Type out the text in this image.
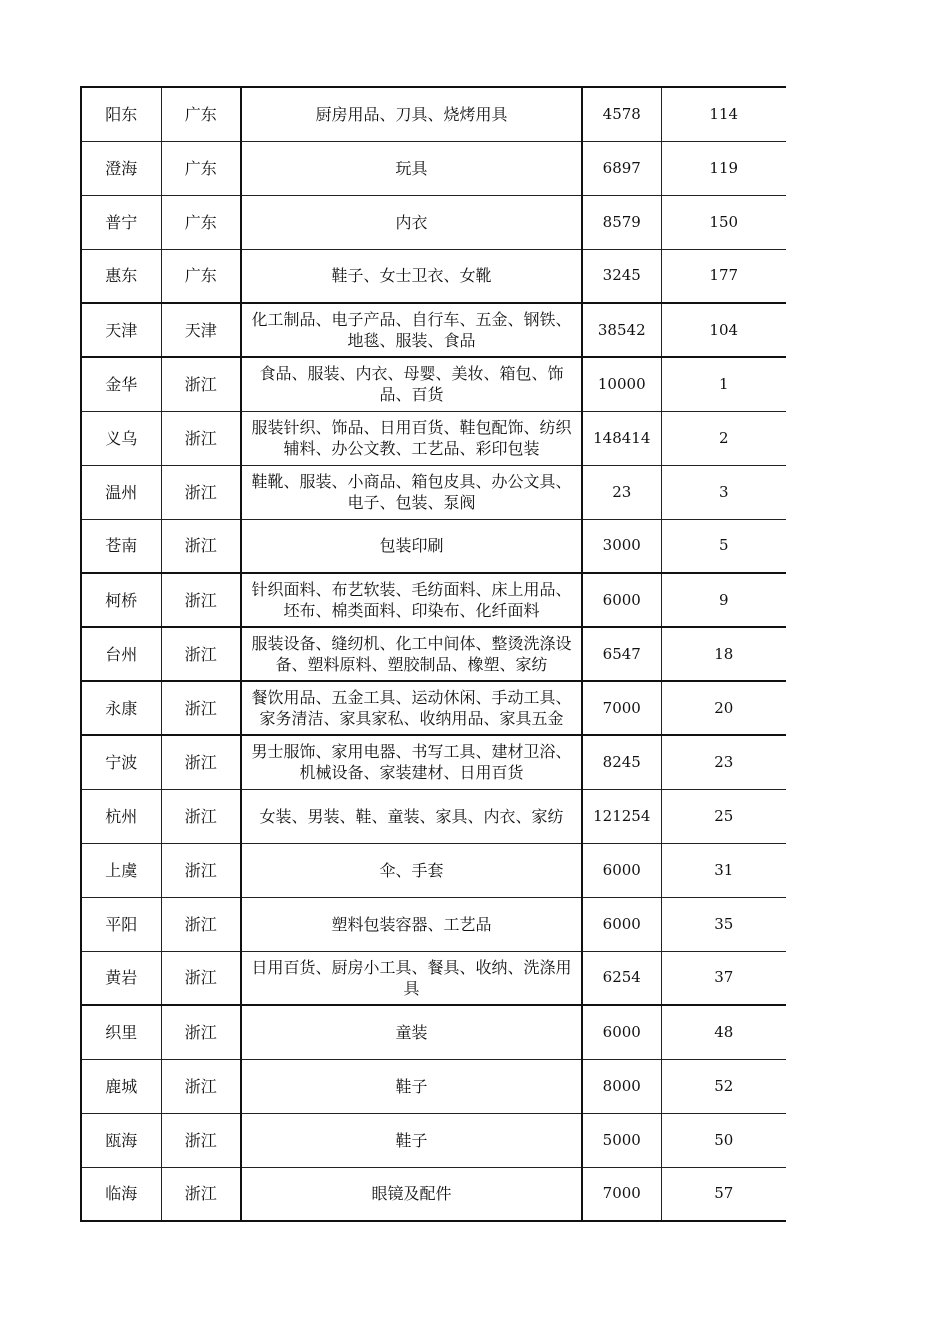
阳东	广东	厨房用品、刀具、烧烤用具	4578	114
澄海	广东	玩具	6897	119
普宁	广东	内衣	8579	150
惠东	广东	鞋子、女士卫衣、女靴	3245	177
天津	天津	化工制品、电子产品、自行车、五金、钢铁、地毯、服装、食品	38542	104
金华	浙江	食品、服装、内衣、母婴、美妆、箱包、饰品、百货	10000	1
义乌	浙江	服装针织、饰品、日用百货、鞋包配饰、纺织辅料、办公文教、工艺品、彩印包装	148414	2
温州	浙江	鞋靴、服装、小商品、箱包皮具、办公文具、电子、包装、泵阀	23	3
苍南	浙江	包装印刷	3000	5
柯桥	浙江	针织面料、布艺软装、毛纺面料、床上用品、坯布、棉类面料、印染布、化纤面料	6000	9
台州	浙江	服装设备、缝纫机、化工中间体、整烫洗涤设备、塑料原料、塑胶制品、橡塑、家纺	6547	18
永康	浙江	餐饮用品、五金工具、运动休闲、手动工具、家务清洁、家具家私、收纳用品、家具五金	7000	20
宁波	浙江	男士服饰、家用电器、书写工具、建材卫浴、机械设备、家装建材、日用百货	8245	23
杭州	浙江	女装、男装、鞋、童装、家具、内衣、家纺	121254	25
上虞	浙江	伞、手套	6000	31
平阳	浙江	塑料包装容器、工艺品	6000	35
黄岩	浙江	日用百货、厨房小工具、餐具、收纳、洗涤用具	6254	37
织里	浙江	童装	6000	48
鹿城	浙江	鞋子	8000	52
瓯海	浙江	鞋子	5000	50
临海	浙江	眼镜及配件	7000	57
